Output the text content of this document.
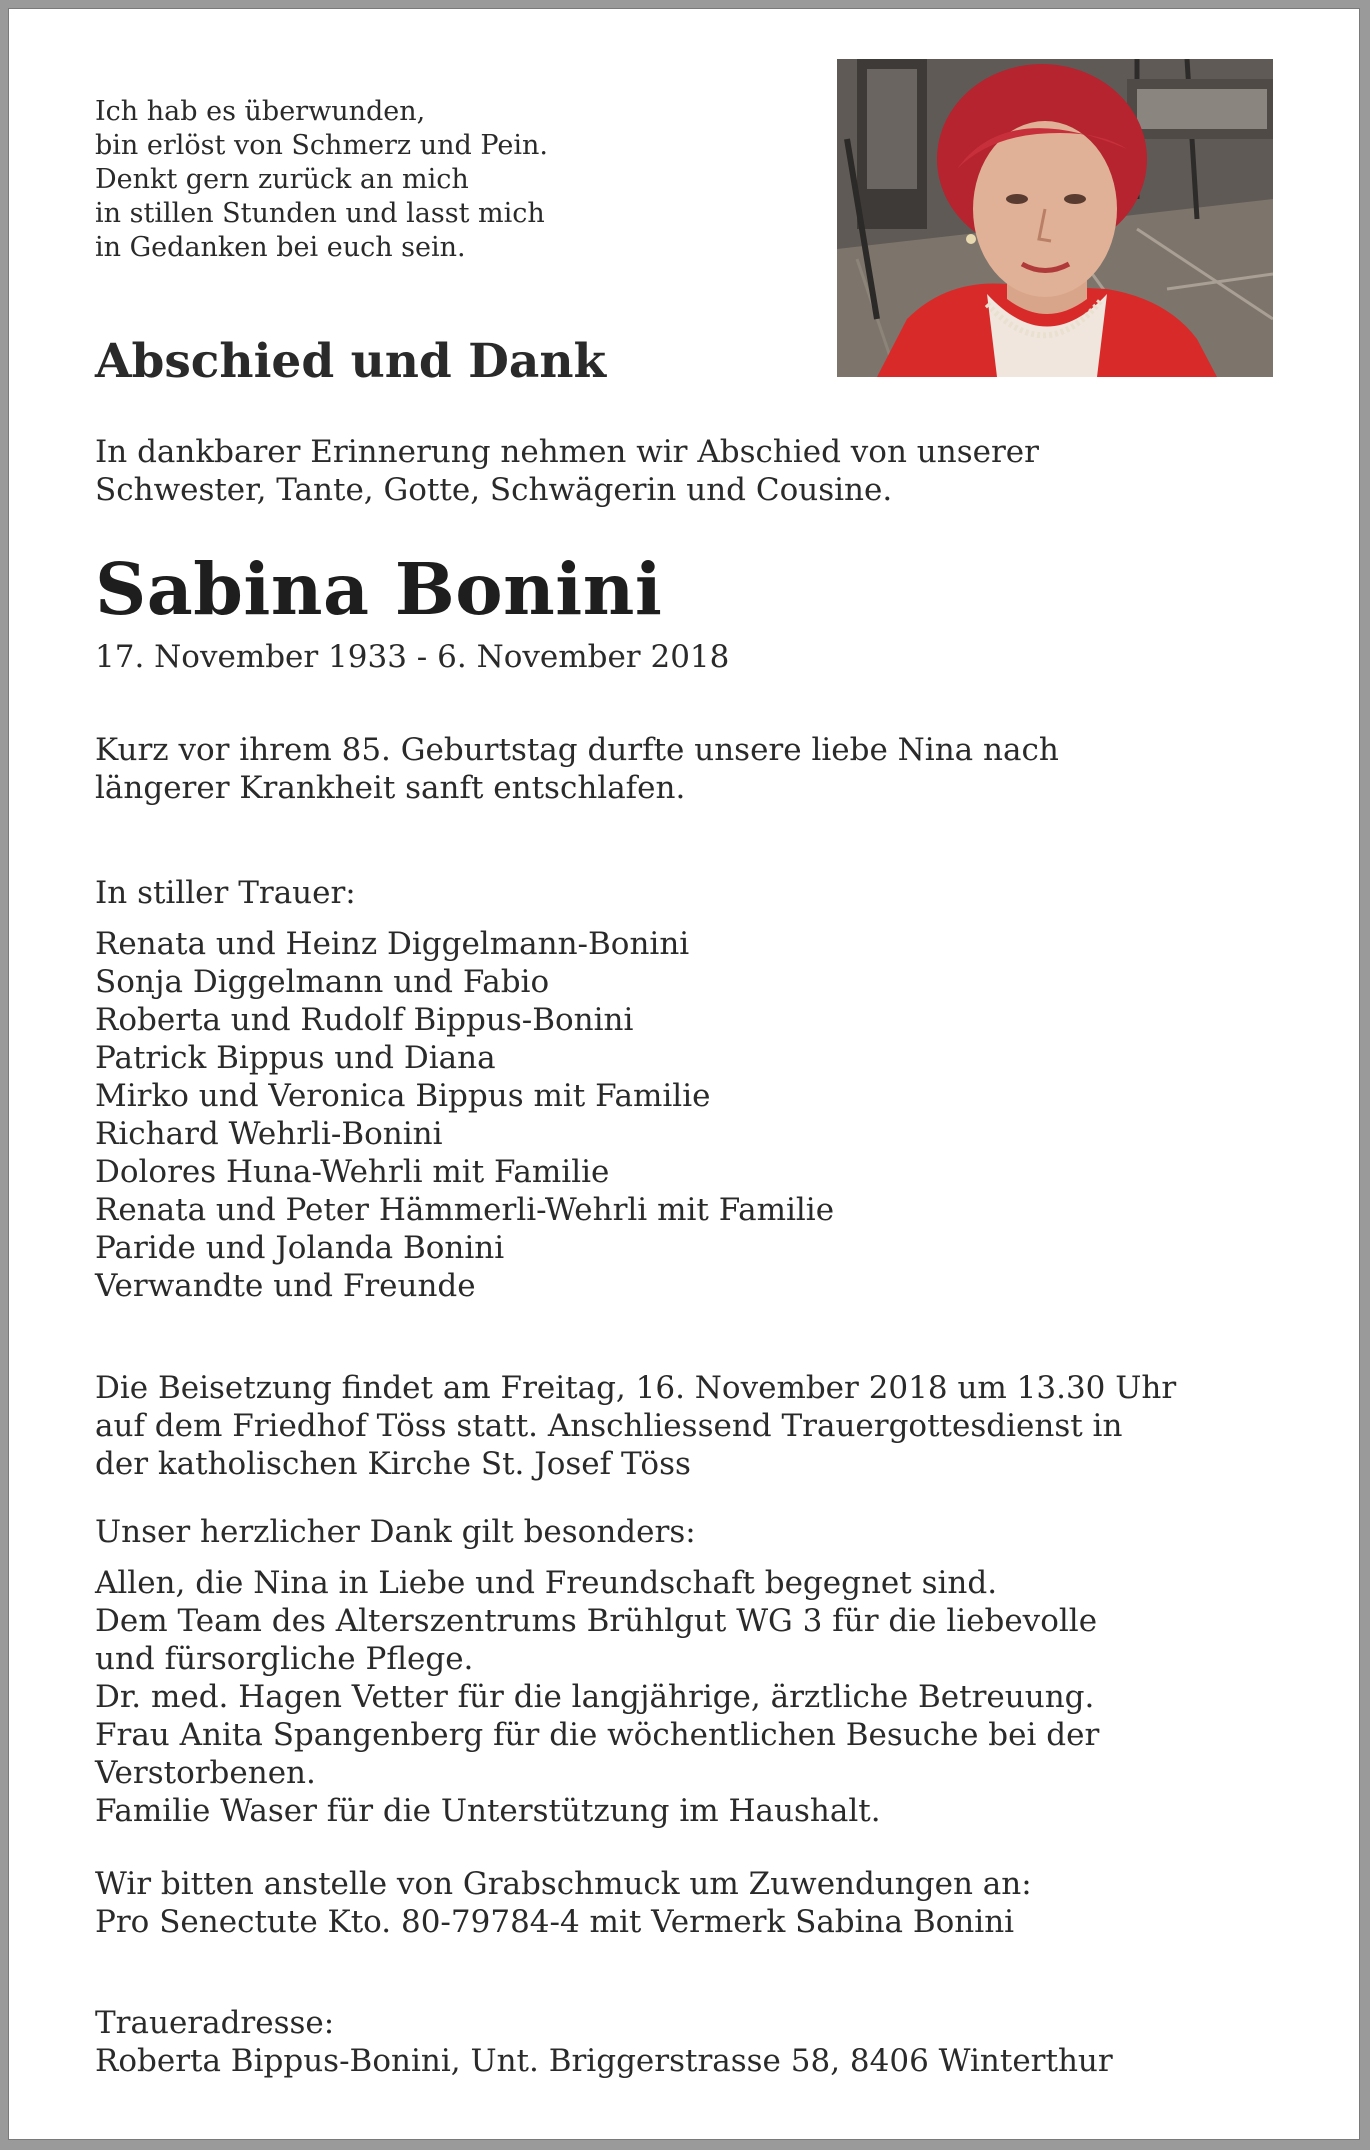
Ich hab es überwunden,
bin erlöst von Schmerz und Pein.
Denkt gern zurück an mich
in stillen Stunden und lasst mich
in Gedanken bei euch sein.
Abschied und Dank
In dankbarer Erinnerung nehmen wir Abschied von unserer
Schwester, Tante, Gotte, Schwägerin und Cousine.
Sabina Bonini
17. November 1933 - 6. November 2018
Kurz vor ihrem 85. Geburtstag durfte unsere liebe Nina nach
längerer Krankheit sanft entschlafen.
In stiller Trauer:
Renata und Heinz Diggelmann-Bonini
Sonja Diggelmann und Fabio
Roberta und Rudolf Bippus-Bonini
Patrick Bippus und Diana
Mirko und Veronica Bippus mit Familie
Richard Wehrli-Bonini
Dolores Huna-Wehrli mit Familie
Renata und Peter Hämmerli-Wehrli mit Familie
Paride und Jolanda Bonini
Verwandte und Freunde
Die Beisetzung findet am Freitag, 16. November 2018 um 13.30 Uhr
auf dem Friedhof Töss statt. Anschliessend Trauergottesdienst in
der katholischen Kirche St. Josef Töss
Unser herzlicher Dank gilt besonders:
Allen, die Nina in Liebe und Freundschaft begegnet sind.
Dem Team des Alterszentrums Brühlgut WG 3 für die liebevolle
und fürsorgliche Pflege.
Dr. med. Hagen Vetter für die langjährige, ärztliche Betreuung.
Frau Anita Spangenberg für die wöchentlichen Besuche bei der
Verstorbenen.
Familie Waser für die Unterstützung im Haushalt.
Wir bitten anstelle von Grabschmuck um Zuwendungen an:
Pro Senectute Kto. 80-79784-4 mit Vermerk Sabina Bonini
Traueradresse:
Roberta Bippus-Bonini, Unt. Briggerstrasse 58, 8406 Winterthur
